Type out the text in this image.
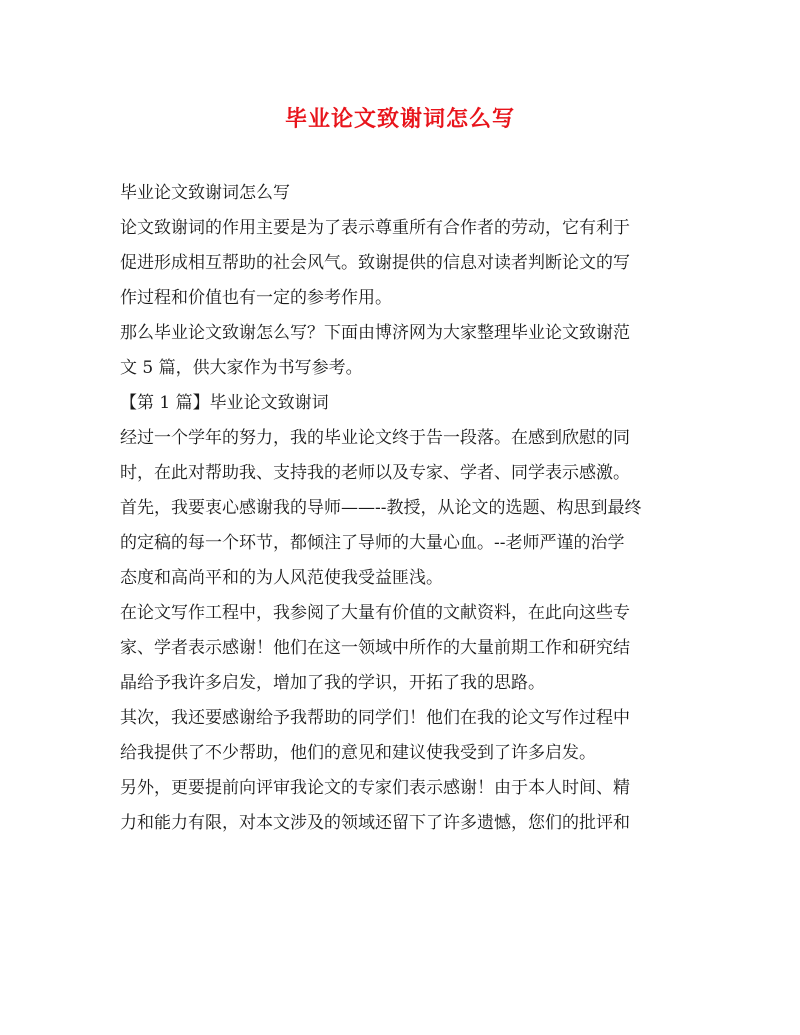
毕业论文致谢词怎么写
毕业论文致谢词怎么写
论文致谢词的作用主要是为了表示尊重所有合作者的劳动，它有利于
促进形成相互帮助的社会风气。致谢提供的信息对读者判断论文的写
作过程和价值也有一定的参考作用。
那么毕业论文致谢怎么写？下面由博济网为大家整理毕业论文致谢范
文 5 篇，供大家作为书写参考。
【第 1 篇】毕业论文致谢词
经过一个学年的努力，我的毕业论文终于告一段落。在感到欣慰的同
时，在此对帮助我、支持我的老师以及专家、学者、同学表示感激。
首先，我要衷心感谢我的导师——--教授，从论文的选题、构思到最终
的定稿的每一个环节，都倾注了导师的大量心血。--老师严谨的治学
态度和高尚平和的为人风范使我受益匪浅。
在论文写作工程中，我参阅了大量有价值的文献资料，在此向这些专
家、学者表示感谢！他们在这一领域中所作的大量前期工作和研究结
晶给予我许多启发，增加了我的学识，开拓了我的思路。
其次，我还要感谢给予我帮助的同学们！他们在我的论文写作过程中
给我提供了不少帮助，他们的意见和建议使我受到了许多启发。
另外，更要提前向评审我论文的专家们表示感谢！由于本人时间、精
力和能力有限，对本文涉及的领域还留下了许多遗憾，您们的批评和
